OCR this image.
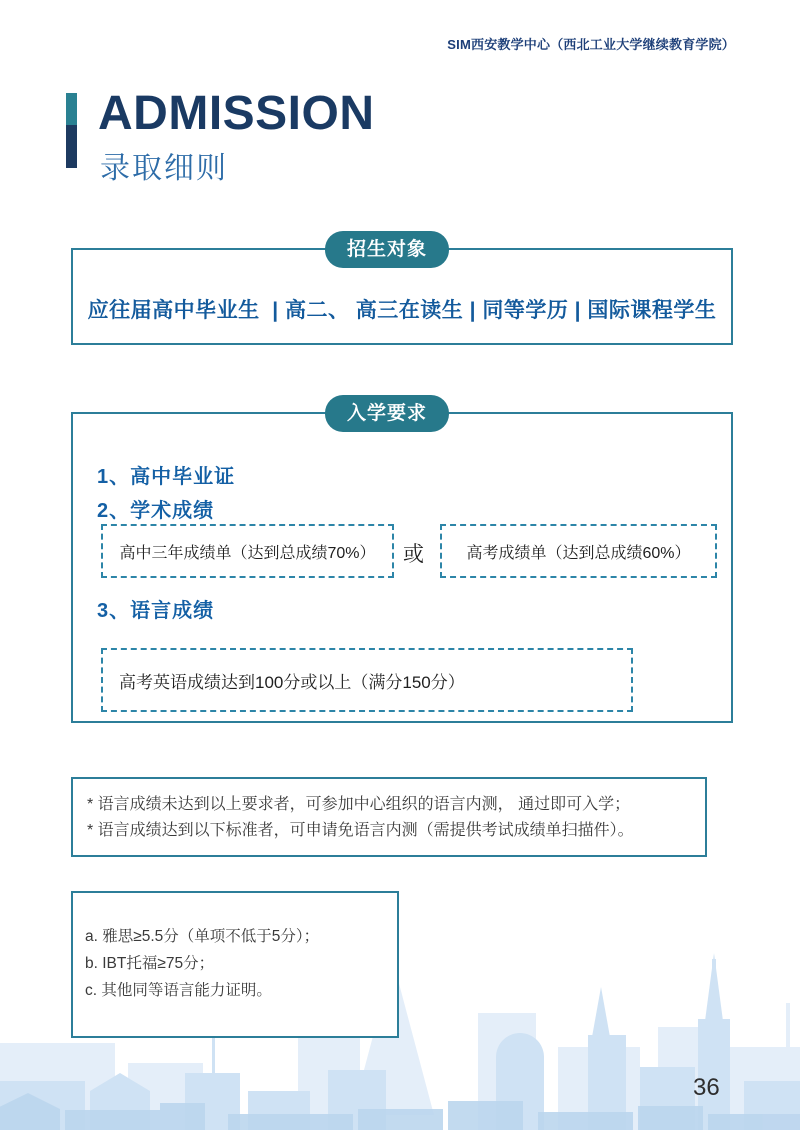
SIM西安教学中心（西北工业大学继续教育学院）
ADMISSION
录取细则
招生对象
应往届高中毕业生  | 高二、 高三在读生 | 同等学历 | 国际课程学生
入学要求
1、高中毕业证
2、学术成绩
高中三年成绩单（达到总成绩70%）	或	高考成绩单（达到总成绩60%）
3、语言成绩
高考英语成绩达到100分或以上（满分150分）
* 语言成绩未达到以上要求者，可参加中心组织的语言内测， 通过即可入学；
* 语言成绩达到以下标准者，可申请免语言内测（需提供考试成绩单扫描件）。
a. 雅思≥5.5分（单项不低于5分）；
b. IBT托福≥75分；
c. 其他同等语言能力证明。
36
